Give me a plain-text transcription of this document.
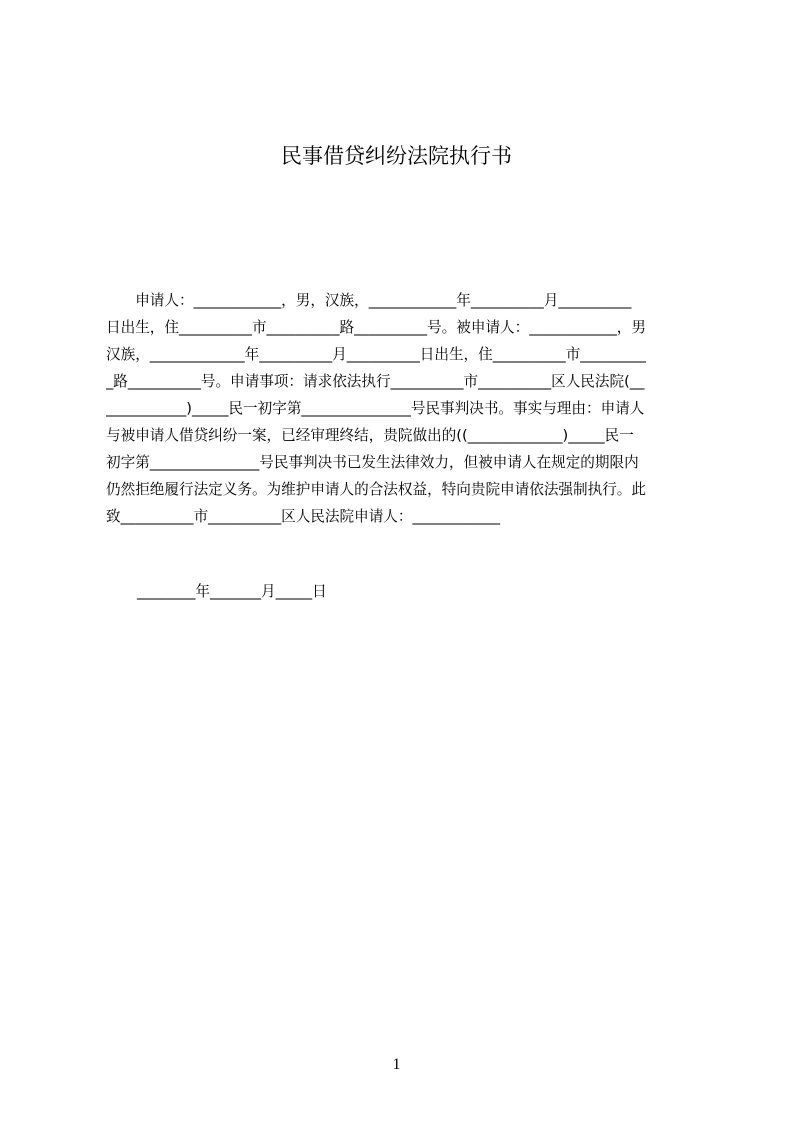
民事借贷纠纷法院执行书
　　申请人：____________，男，汉族，____________年__________月__________
日出生，住__________市__________路__________号。被申请人：____________，男
汉族，_____________年__________月__________日出生，住__________市_________
_路__________号。申请事项：请求依法执行__________市__________区人民法院(__
___________)_____民一初字第_______________号民事判决书。事实与理由：申请人
与被申请人借贷纠纷一案，已经审理终结，贵院做出的((_____________)_____民一
初字第_______________号民事判决书已发生法律效力，但被申请人在规定的期限内
仍然拒绝履行法定义务。为维护申请人的合法权益，特向贵院申请依法强制执行。此
致__________市__________区人民法院申请人：____________
________年_______月_____日
1
